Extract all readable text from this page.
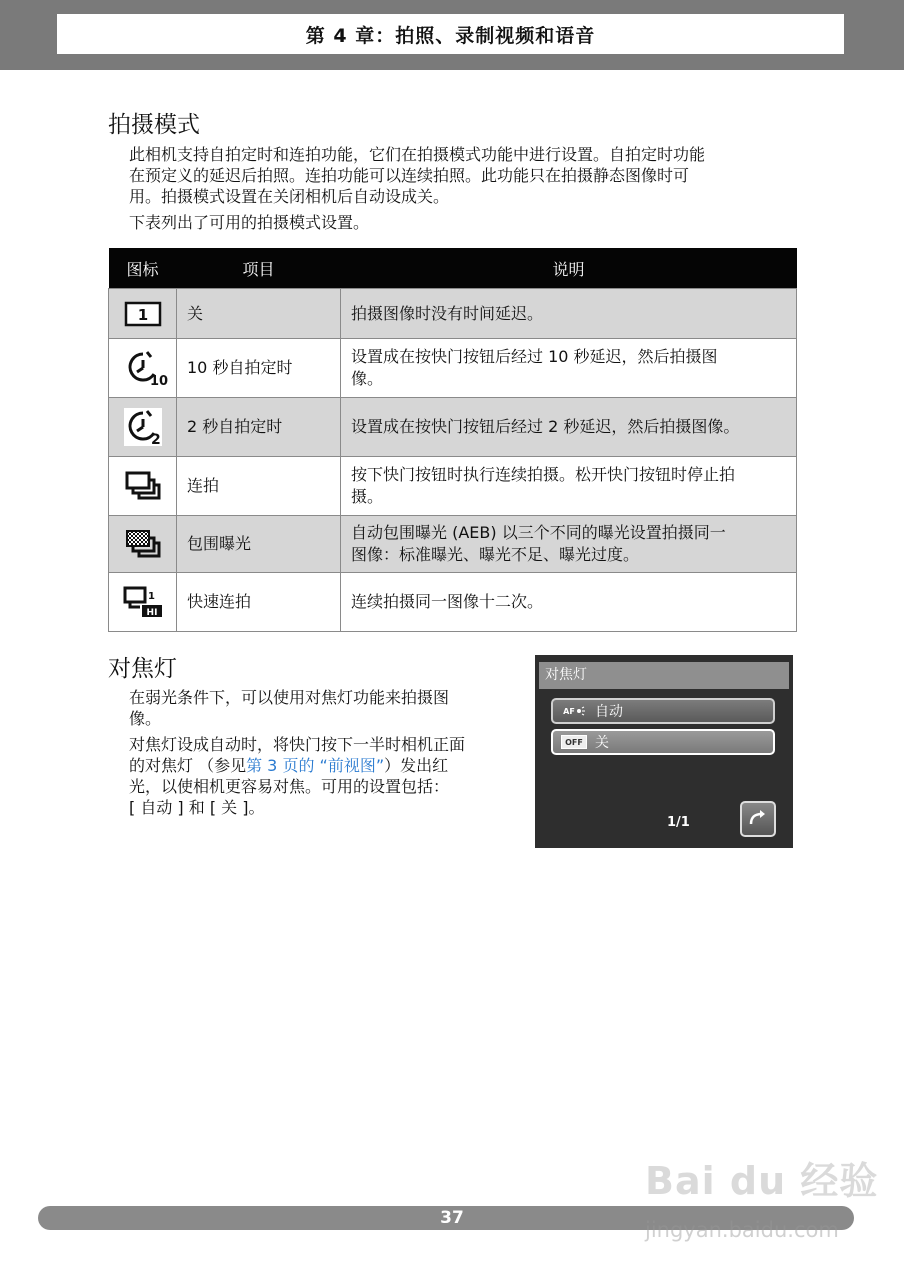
第 4 章：拍照、录制视频和语音
拍摄模式
此相机支持自拍定时和连拍功能，它们在拍摄模式功能中进行设置。自拍定时功能
在预定义的延迟后拍照。连拍功能可以连续拍照。此功能只在拍摄静态图像时可
用。拍摄模式设置在关闭相机后自动设成关。
下表列出了可用的拍摄模式设置。
图标	项目	说明

1	关	拍摄图像时没有时间延迟。

10	10 秒自拍定时	设置成在按快门按钮后经过 10 秒延迟，然后拍摄图
像。

2	2 秒自拍定时	设置成在按快门按钮后经过 2 秒延迟，然后拍摄图像。

	连拍	按下快门按钮时执行连续拍摄。松开快门按钮时停止拍
摄。

	包围曝光	自动包围曝光 (AEB) 以三个不同的曝光设置拍摄同一
图像：标准曝光、曝光不足、曝光过度。

1
HI	快速连拍	连续拍摄同一图像十二次。
对焦灯
在弱光条件下，可以使用对焦灯功能来拍摄图
像。
对焦灯设成自动时，将快门按下一半时相机正面
的对焦灯 （参见第 3 页的 “前视图”）发出红
光，以使相机更容易对焦。可用的设置包括：
[ 自动 ] 和 [ 关 ]。
对焦灯
AF 自动
OFF 关
1/1
37
Bai du 经验
jingyan.baidu.com
